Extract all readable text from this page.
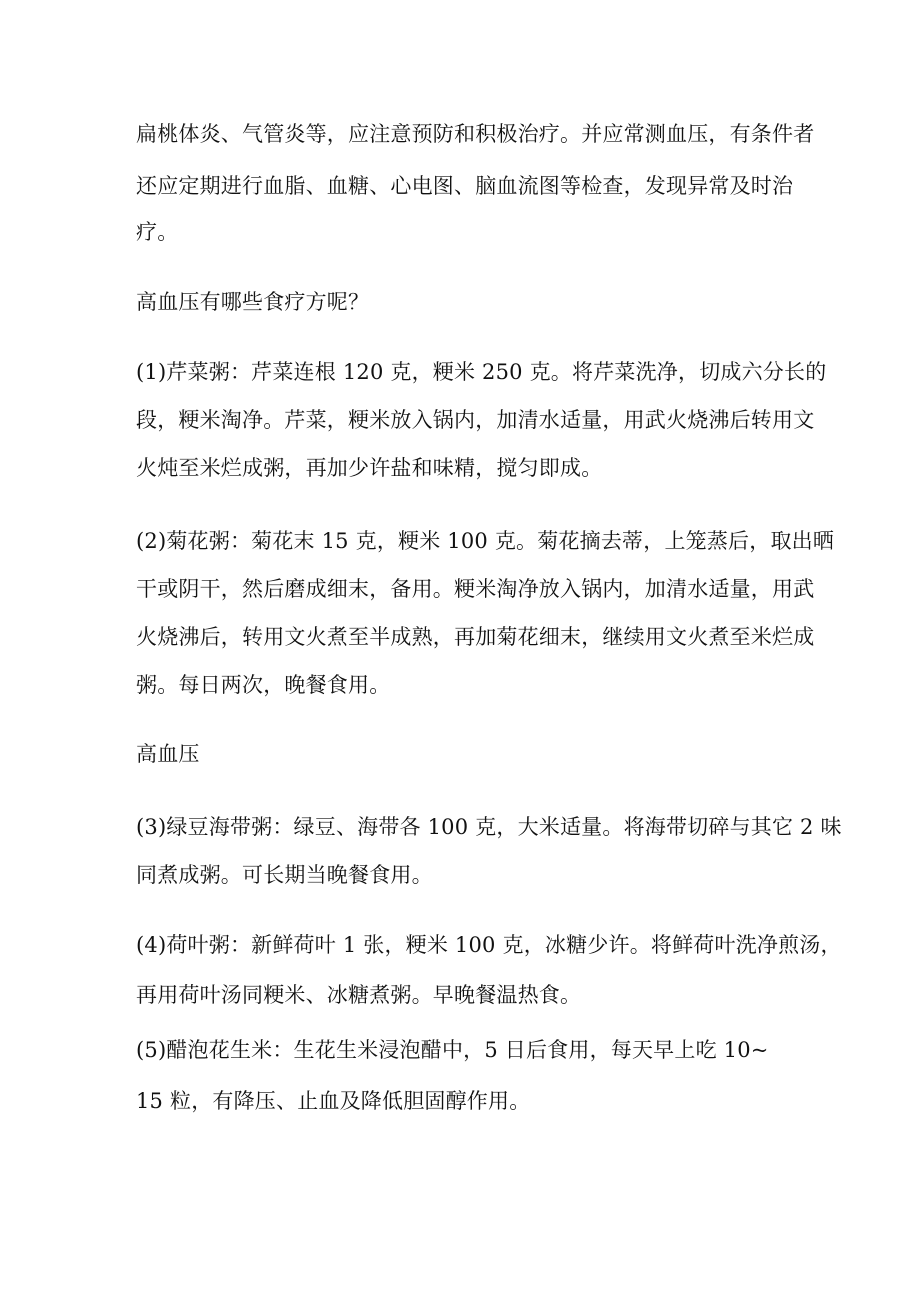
扁桃体炎、气管炎等，应注意预防和积极治疗。并应常测血压，有条件者
还应定期进行血脂、血糖、心电图、脑血流图等检查，发现异常及时治
疗。
高血压有哪些食疗方呢？
(1)芹菜粥：芹菜连根 120 克，粳米 250 克。将芹菜洗净，切成六分长的
段，粳米淘净。芹菜，粳米放入锅内，加清水适量，用武火烧沸后转用文
火炖至米烂成粥，再加少许盐和味精，搅匀即成。
(2)菊花粥：菊花末 15 克，粳米 100 克。菊花摘去蒂，上笼蒸后，取出晒
干或阴干，然后磨成细末，备用。粳米淘净放入锅内，加清水适量，用武
火烧沸后，转用文火煮至半成熟，再加菊花细末，继续用文火煮至米烂成
粥。每日两次，晚餐食用。
高血压
(3)绿豆海带粥：绿豆、海带各 100 克，大米适量。将海带切碎与其它 2 味
同煮成粥。可长期当晚餐食用。
(4)荷叶粥：新鲜荷叶 1 张，粳米 100 克，冰糖少许。将鲜荷叶洗净煎汤，
再用荷叶汤同粳米、冰糖煮粥。早晚餐温热食。
(5)醋泡花生米：生花生米浸泡醋中，5 日后食用，每天早上吃 10~
15 粒，有降压、止血及降低胆固醇作用。
